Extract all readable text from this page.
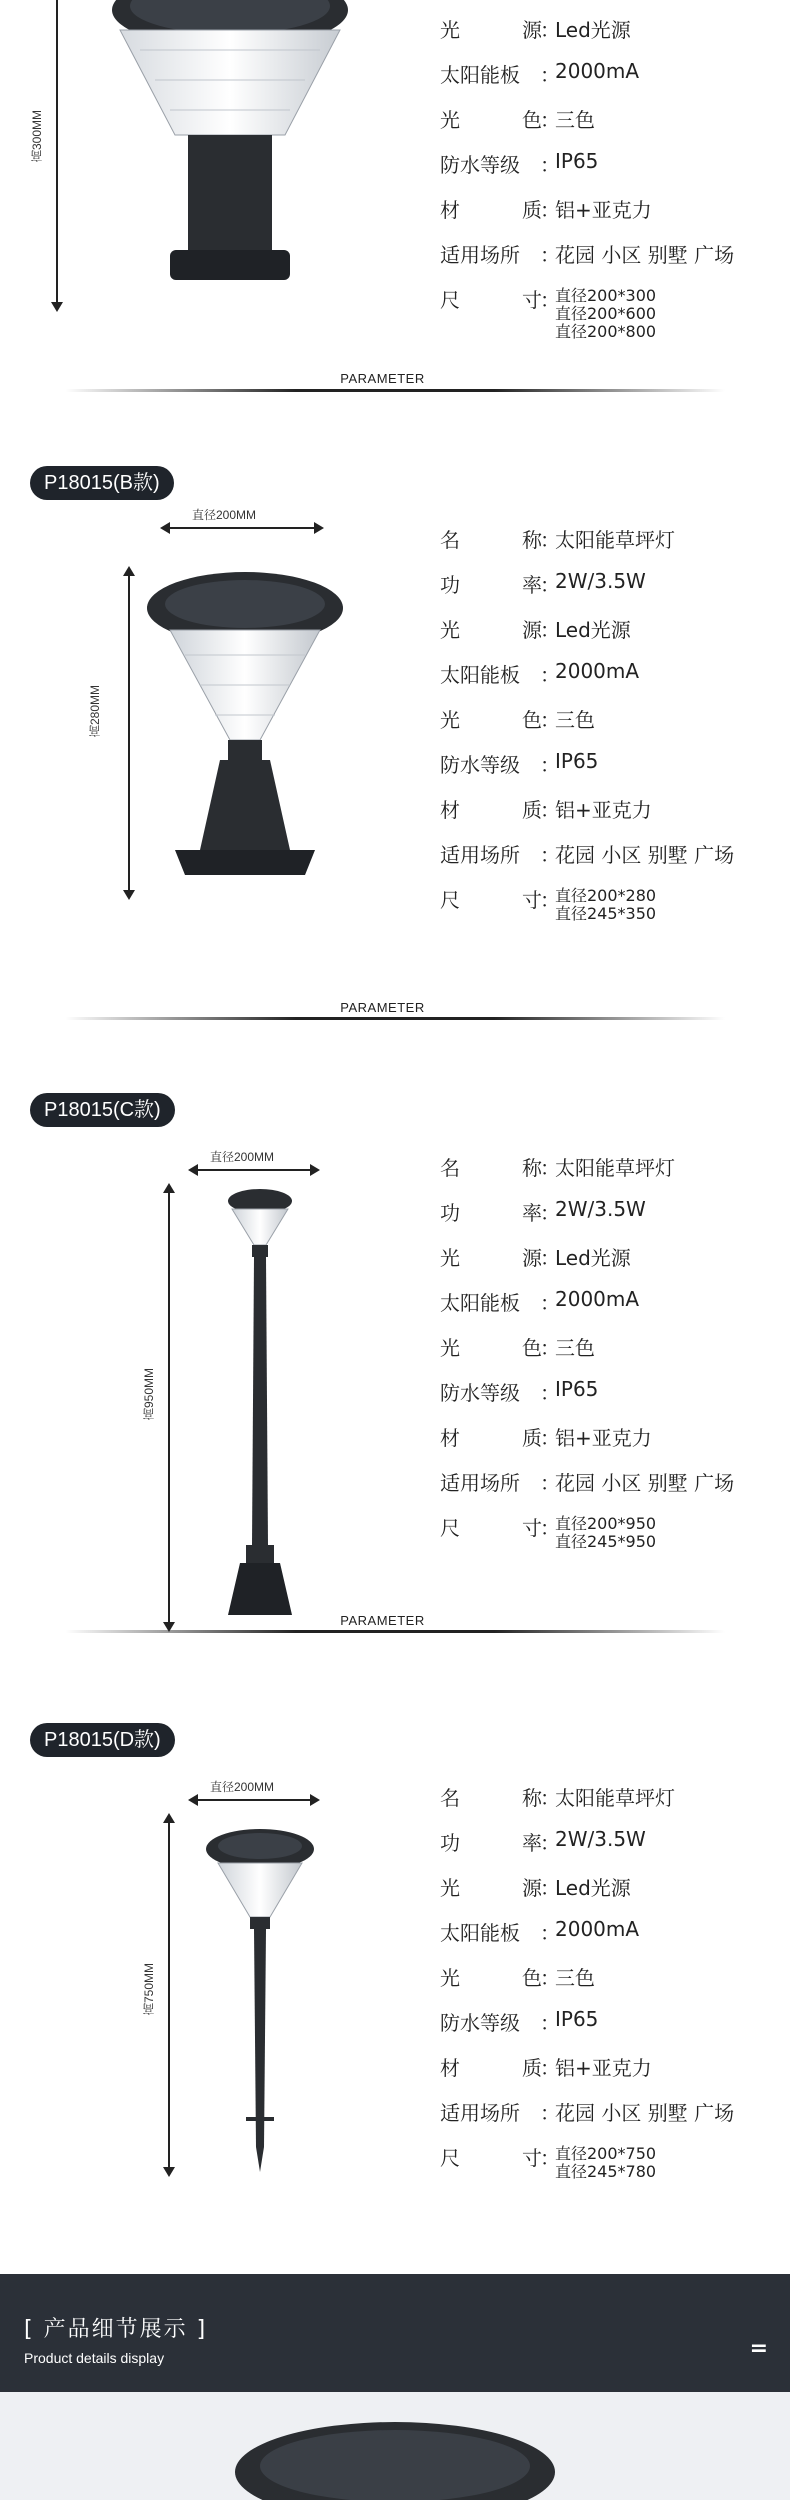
高300MM
光	源
：
Led光源
太阳能板 ：
2000mA
光	色
：
三色
防水等级 ：
IP65
材	质
：
铝+亚克力
适用场所 ：
花园 小区 别墅 广场
尺	寸
：
直径200*300
直径200*600
直径200*800
PARAMETER
P18015(B款)
直径200MM
高280MM
名	称
：
太阳能草坪灯
功	率
：
2W/3.5W
光	源
：
Led光源
太阳能板 ：
2000mA
光	色
：
三色
防水等级 ：
IP65
材	质
：
铝+亚克力
适用场所 ：
花园 小区 别墅 广场
尺	寸
：
直径200*280
直径245*350
PARAMETER
P18015(C款)
直径200MM
高950MM
名	称
：
太阳能草坪灯
功	率
：
2W/3.5W
光	源
：
Led光源
太阳能板 ：
2000mA
光	色
：
三色
防水等级 ：
IP65
材	质
：
铝+亚克力
适用场所 ：
花园 小区 别墅 广场
尺	寸
：
直径200*950
直径245*950
PARAMETER
P18015(D款)
直径200MM
高750MM
名	称
：
太阳能草坪灯
功	率
：
2W/3.5W
光	源
：
Led光源
太阳能板 ：
2000mA
光	色
：
三色
防水等级 ：
IP65
材	质
：
铝+亚克力
适用场所 ：
花园 小区 别墅 广场
尺	寸
：
直径200*750
直径245*780
[ 产品细节展示 ]
Product details display	=
